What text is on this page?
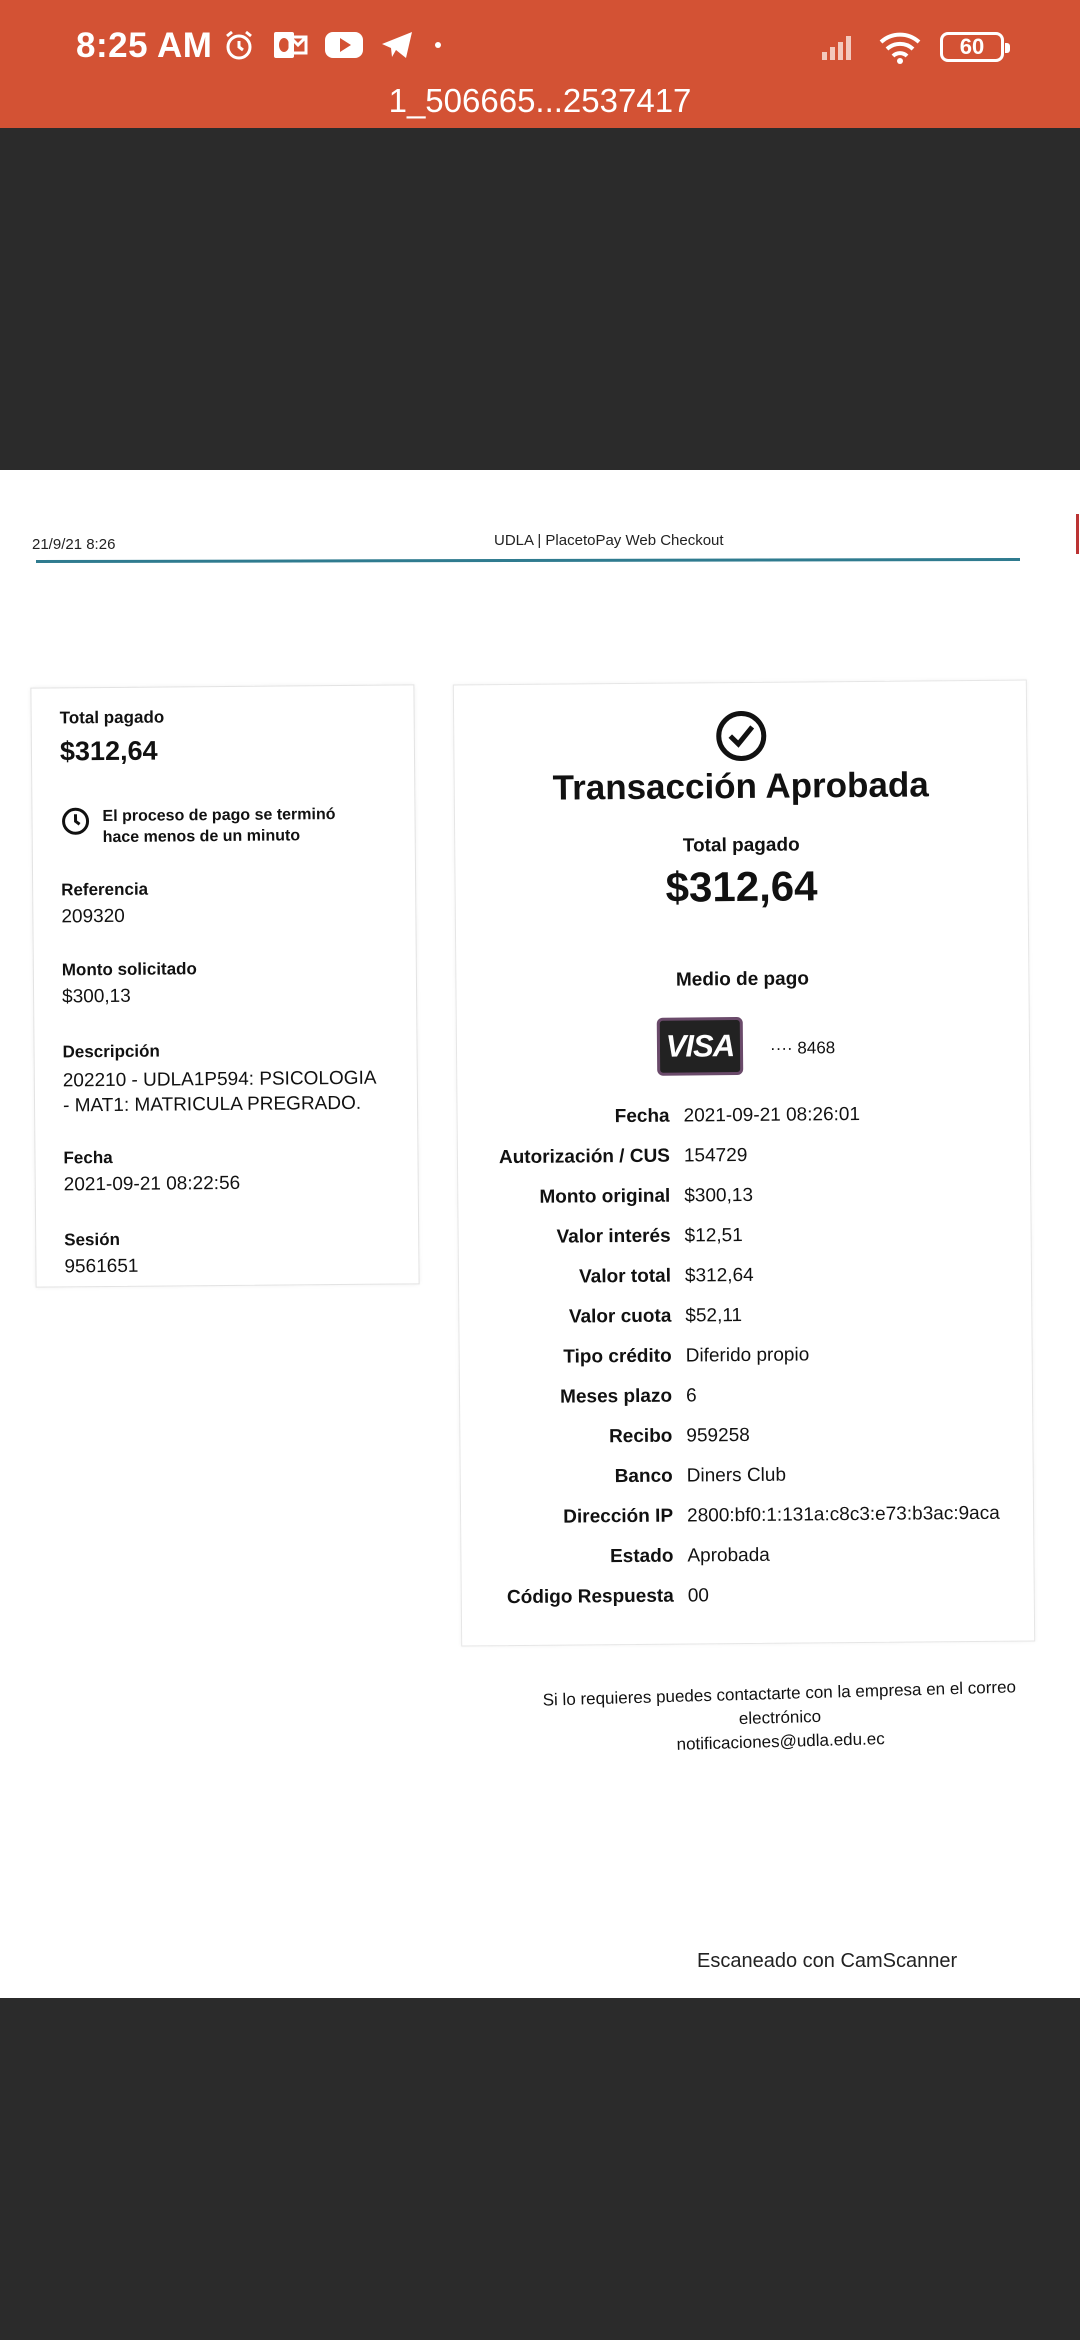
8:25 AM	60
1_506665...2537417
21/9/21 8:26	UDLA | PlacetoPay Web Checkout
Total pagado
$312,64
El proceso de pago se terminó hace menos de un minuto
Referencia
209320
Monto solicitado
$300,13
Descripción
202210 - UDLA1P594: PSICOLOGIA - MAT1: MATRICULA PREGRADO.
Fecha
2021-09-21 08:22:56
Sesión
9561651
Transacción Aprobada
Total pagado
$312,64
Medio de pago
VISA ···· 8468
Fecha 2021-09-21 08:26:01
Autorización / CUS 154729
Monto original $300,13
Valor interés $12,51
Valor total $312,64
Valor cuota $52,11
Tipo crédito Diferido propio
Meses plazo 6
Recibo 959258
Banco Diners Club
Dirección IP 2800:bf0:1:131a:c8c3:e73:b3ac:9aca
Estado Aprobada
Código Respuesta 00
Si lo requieres puedes contactarte con la empresa en el correo electrónico
notificaciones@udla.edu.ec
Escaneado con CamScanner
